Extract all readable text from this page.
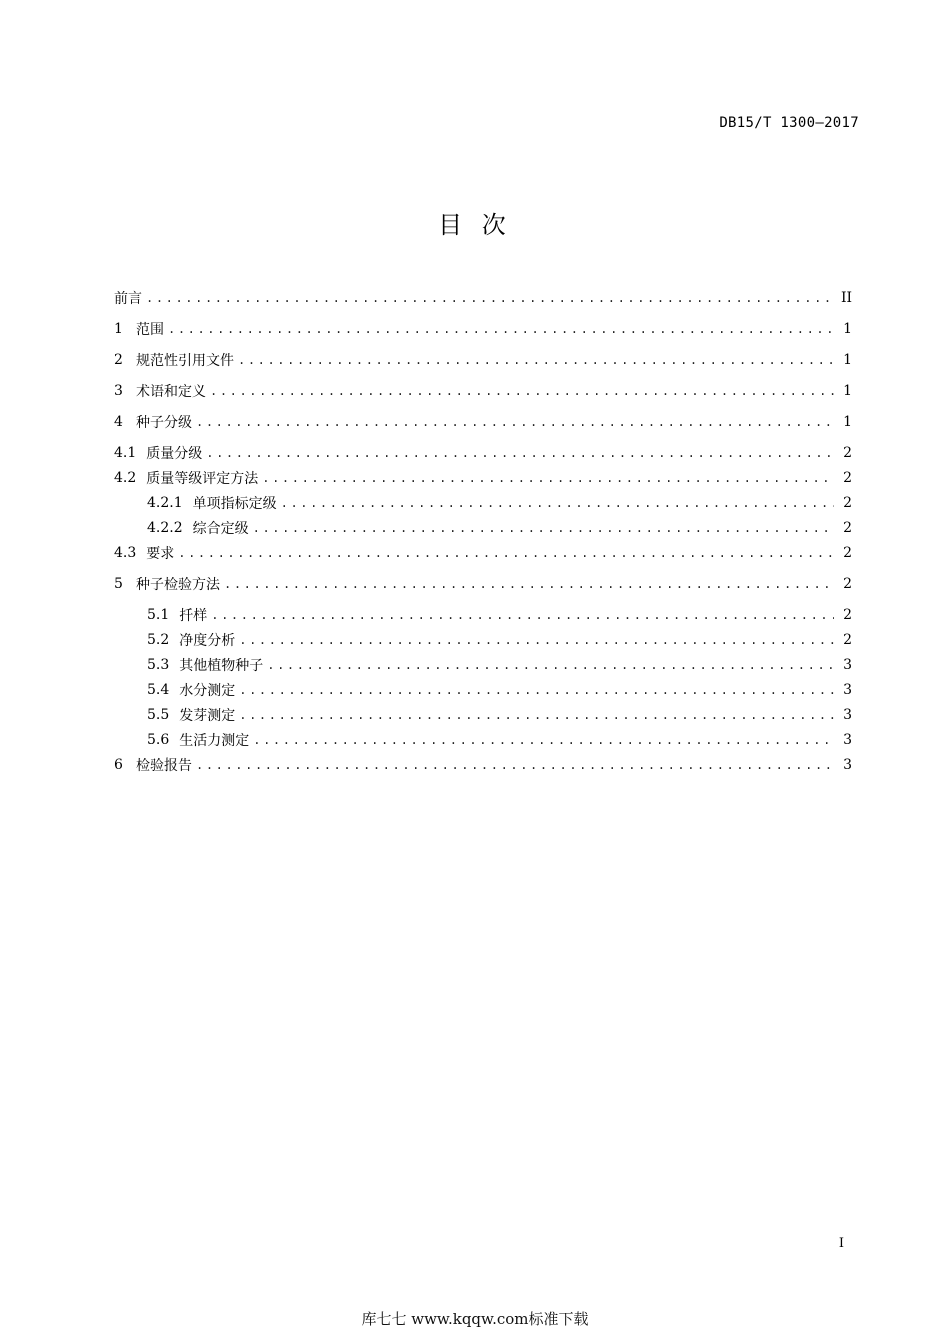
DB15/T 1300—2017
目 次
前言 .....	II
1 范围 .....	1
2 规范性引用文件 .....	1
3 术语和定义 .....	1
4 种子分级 .....	1
4.1 质量分级 .....	2
4.2 质量等级评定方法 .....	2
4.2.1 单项指标定级 .....	2
4.2.2 综合定级 .....	2
4.3 要求 .....	2
5 种子检验方法 .....	2
5.1 扦样 .....	2
5.2 净度分析 .....	2
5.3 其他植物种子 .....	3
5.4 水分测定 .....	3
5.5 发芽测定 .....	3
5.6 生活力测定 .....	3
6 检验报告 .....	3
I
库七七 www.kqqw.com标准下载
